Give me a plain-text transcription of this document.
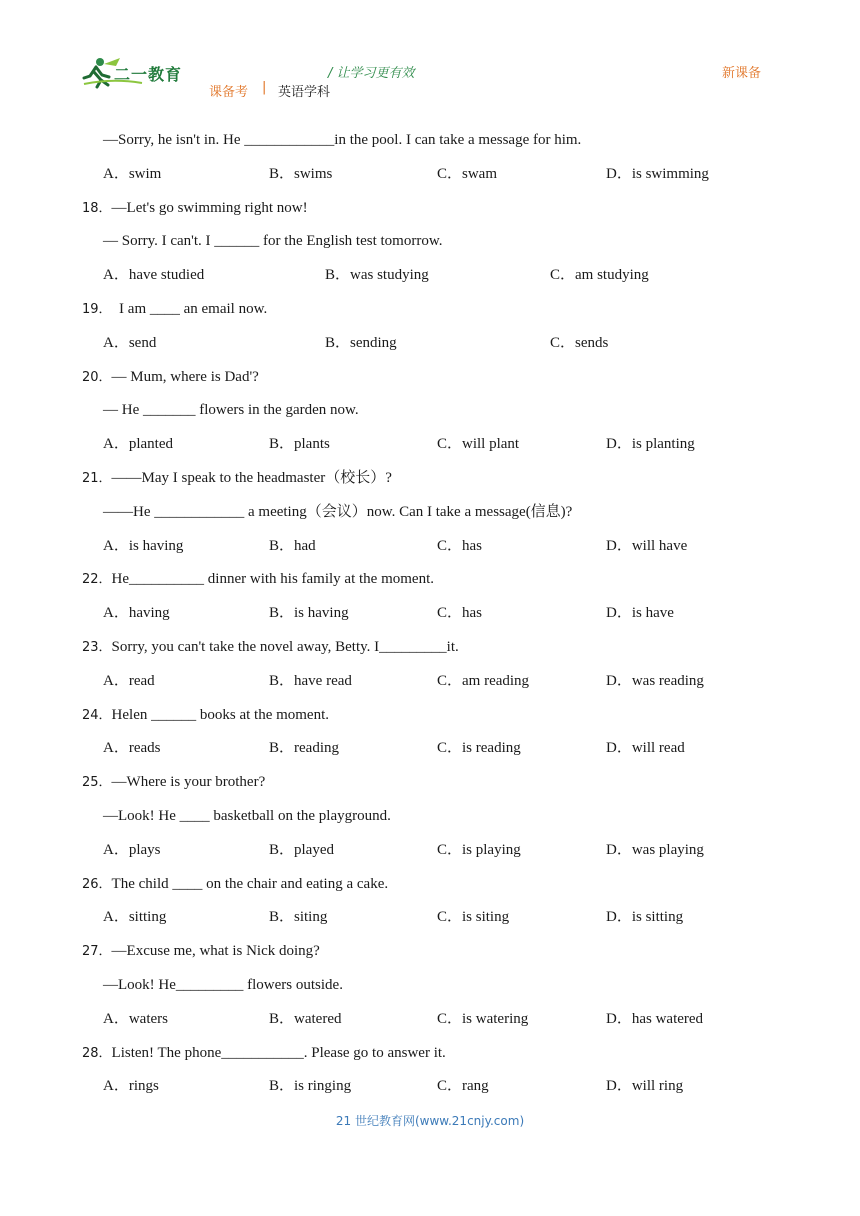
二一教育	/ 让学习更有效	新课备
课备考 | 英语学科
—Sorry, he isn't in. He ____________in the pool. I can take a message for him.
A．swim	B．swims	C．swam	D．is swimming
18．—Let's go swimming right now!
— Sorry. I can't. I ______ for the English test tomorrow.
A．have studied	B．was studying	C．am studying
19．  I am ____ an email now.
A．send	B．sending	C．sends
20．— Mum, where is Dad'?
— He _______ flowers in the garden now.
A．planted	B．plants	C．will plant	D．is planting
21．——May I speak to the headmaster（校长）?
——He ____________ a meeting（会议）now. Can I take a message(信息)?
A．is having	B．had	C．has	D．will have
22．He__________ dinner with his family at the moment.
A．having	B．is having	C．has	D．is have
23．Sorry, you can't take the novel away, Betty. I_________it.
A．read	B．have read	C．am reading	D．was reading
24．Helen ______ books at the moment.
A．reads	B．reading	C．is reading	D．will read
25．—Where is your brother?
—Look! He ____ basketball on the playground.
A．plays	B．played	C．is playing	D．was playing
26．The child ____ on the chair and eating a cake.
A．sitting	B．siting	C．is siting	D．is sitting
27．—Excuse me, what is Nick doing?
—Look! He_________ flowers outside.
A．waters	B．watered	C．is watering	D．has watered
28．Listen! The phone___________. Please go to answer it.
A．rings	B．is ringing	C．rang	D．will ring
21 世纪教育网(www.21cnjy.com)
